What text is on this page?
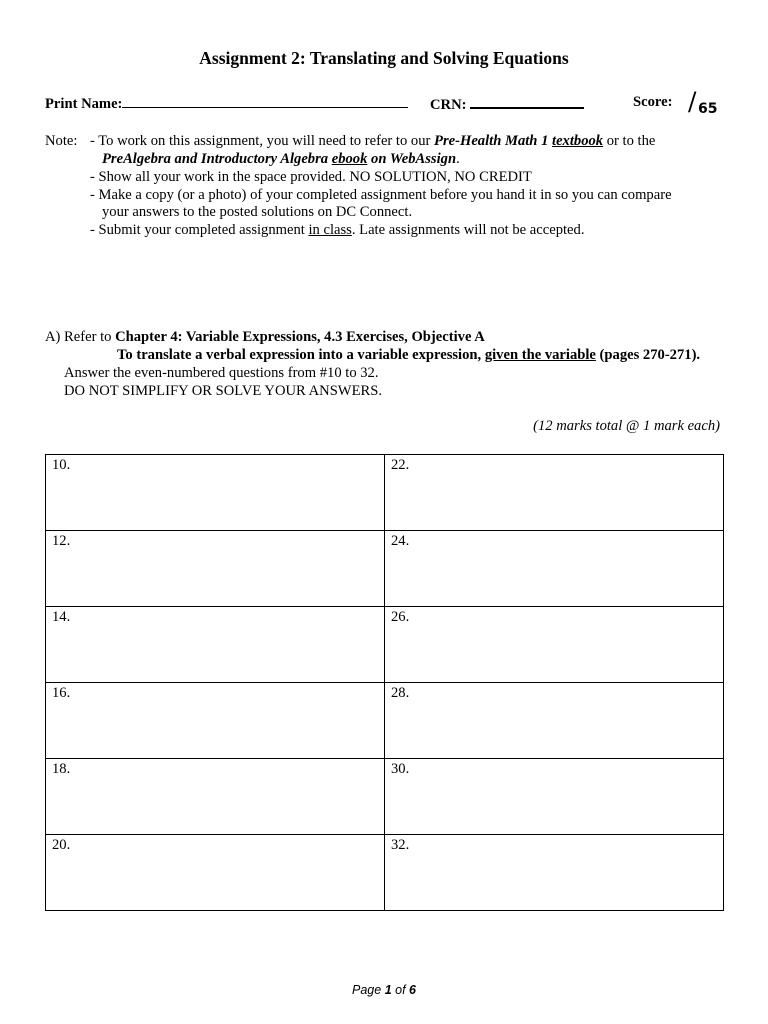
Assignment 2: Translating and Solving Equations
Print Name:	CRN:	Score: / 65
Note: - To work on this assignment, you will need to refer to our Pre-Health Math 1 textbook or to the
PreAlgebra and Introductory Algebra ebook on WebAssign.
- Show all your work in the space provided. NO SOLUTION, NO CREDIT
- Make a copy (or a photo) of your completed assignment before you hand it in so you can compare
your answers to the posted solutions on DC Connect.
- Submit your completed assignment in class. Late assignments will not be accepted.
A) Refer to Chapter 4: Variable Expressions, 4.3 Exercises, Objective A
To translate a verbal expression into a variable expression, given the variable (pages 270-271).
Answer the even-numbered questions from #10 to 32.
DO NOT SIMPLIFY OR SOLVE YOUR ANSWERS.
(12 marks total @ 1 mark each)
10.	22.
12.	24.
14.	26.
16.	28.
18.	30.
20.	32.
Page 1 of 6
